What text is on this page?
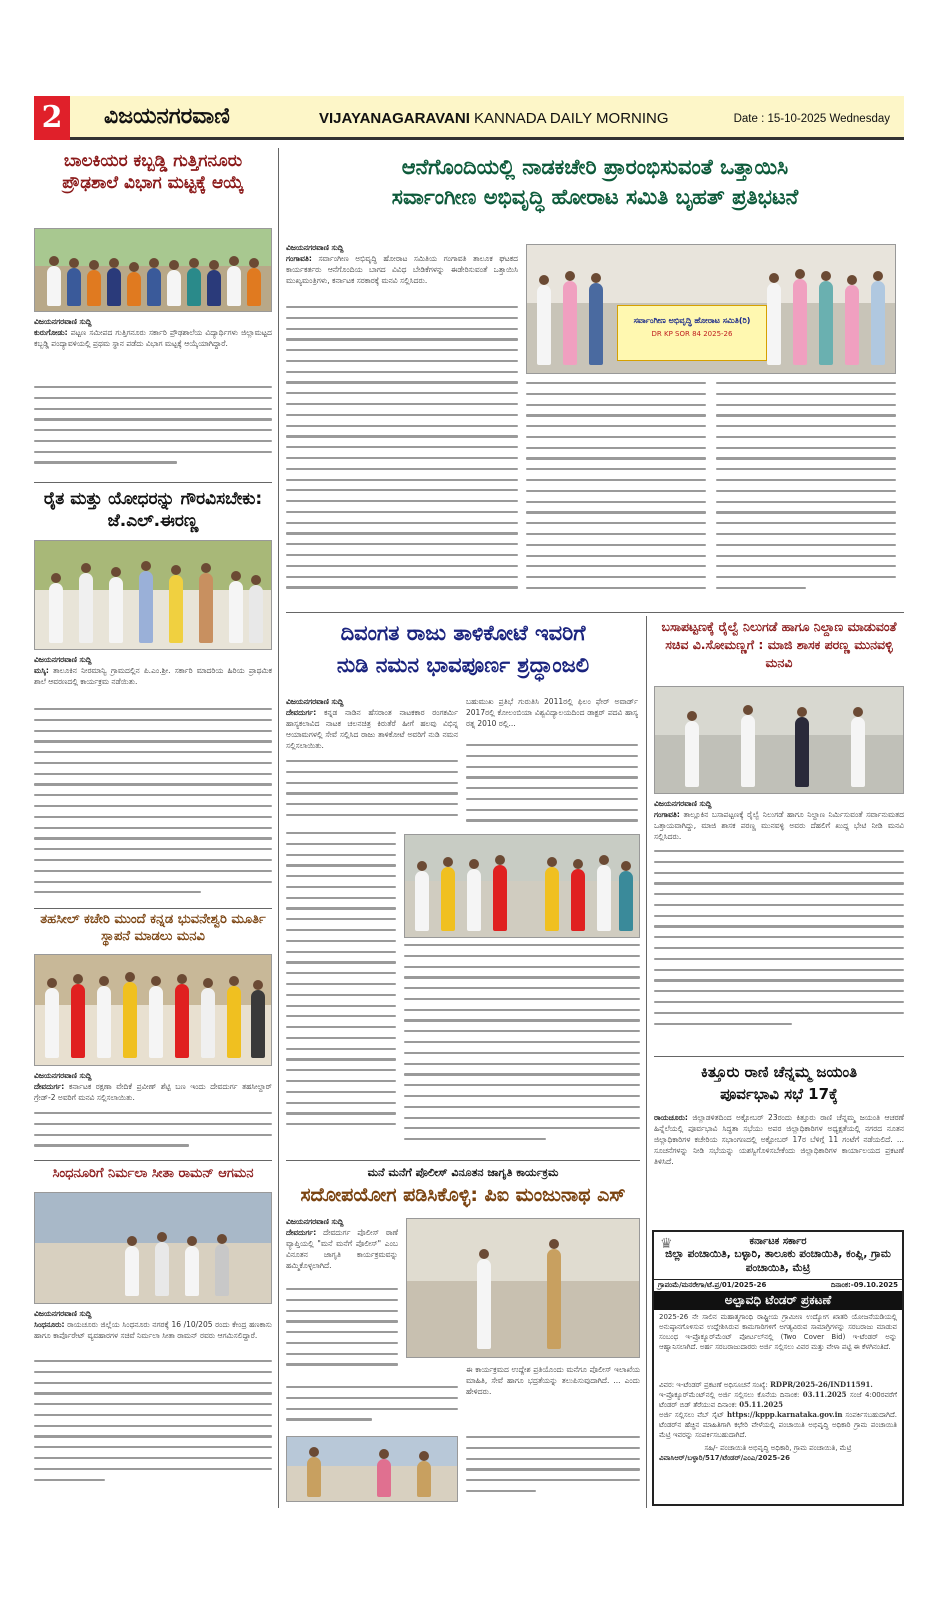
2	ವಿಜಯನಗರವಾಣಿ	VIJAYANAGARAVANI KANNADA DAILY MORNING	Date : 15-10-2025 Wednesday
ಬಾಲಕಿಯರ ಕಬ್ಬಡ್ಡಿ ಗುತ್ತಿಗನೂರು ಪ್ರೌಢಶಾಲೆ ವಿಭಾಗ ಮಟ್ಟಕ್ಕೆ ಆಯ್ಕೆ
ವಿಜಯನಗರವಾಣಿ ಸುದ್ದಿ
ಕುರುಗೋಡು: ಪಟ್ಟಣ ಸಮೀಪದ ಗುತ್ತಿಗನೂರು ಸರ್ಕಾರಿ ಪ್ರೌಢಶಾಲೆಯ ವಿದ್ಯಾರ್ಥಿಗಳು ಜಿಲ್ಲಾಮಟ್ಟದ ಕಬ್ಬಡ್ಡಿ ಪಂದ್ಯಾವಳಿಯಲ್ಲಿ ಪ್ರಥಮ ಸ್ಥಾನ ಪಡೆದು ವಿಭಾಗ ಮಟ್ಟಕ್ಕೆ ಆಯ್ಕೆಯಾಗಿದ್ದಾರೆ.
ರೈತ ಮತ್ತು ಯೋಧರನ್ನು ಗೌರವಿಸಬೇಕು: ಜೆ.ಎಲ್.ಈರಣ್ಣ
ವಿಜಯನಗರವಾಣಿ ಸುದ್ದಿ
ಮಸ್ಕಿ: ತಾಲೂಕಿನ ನೀರಮಾನ್ವಿ ಗ್ರಾಮದಲ್ಲಿನ ಪಿ.ಎಂ.ಶ್ರೀ. ಸರ್ಕಾರಿ ಮಾದರಿಯ ಹಿರಿಯ ಪ್ರಾಥಮಿಕ ಶಾಲೆ ಆವರಣದಲ್ಲಿ ಕಾರ್ಯಕ್ರಮ ನಡೆಯಿತು.
ತಹಸೀಲ್ ಕಚೇರಿ ಮುಂದೆ ಕನ್ನಡ ಭುವನೇಶ್ವರಿ ಮೂರ್ತಿ ಸ್ಥಾಪನೆ ಮಾಡಲು ಮನವಿ
ವಿಜಯನಗರವಾಣಿ ಸುದ್ದಿ
ದೇವದುರ್ಗ: ಕರ್ನಾಟಕ ರಕ್ಷಣಾ ವೇದಿಕೆ ಪ್ರವೀಣ್ ಶೆಟ್ಟಿ ಬಣ ಇಂದು ದೇವದುರ್ಗ ತಹಸೀಲ್ದಾರ್ ಗ್ರೇಡ್-2 ಅವರಿಗೆ ಮನವಿ ಸಲ್ಲಿಸಲಾಯಿತು.
ಸಿಂಧನೂರಿಗೆ ನಿರ್ಮಲಾ ಸೀತಾ ರಾಮನ್ ಆಗಮನ
ವಿಜಯನಗರವಾಣಿ ಸುದ್ದಿ
ಸಿಂಧನೂರು: ರಾಯಚೂರು ಜಿಲ್ಲೆಯ ಸಿಂಧನೂರು ನಗರಕ್ಕೆ 16 /10/205 ರಂದು ಕೇಂದ್ರ ಹಣಕಾಸು ಹಾಗೂ ಕಾರ್ಪೊರೇಟ್ ವ್ಯವಹಾರಗಳ ಸಚಿವೆ ನಿರ್ಮಲಾ ಸೀತಾ ರಾಮನ್ ರವರು ಆಗಮಿಸಲಿದ್ದಾರೆ.
ಆನೆಗೊಂದಿಯಲ್ಲಿ ನಾಡಕಚೇರಿ ಪ್ರಾರಂಭಿಸುವಂತೆ ಒತ್ತಾಯಿಸಿ
ಸರ್ವಾಂಗೀಣ ಅಭಿವೃದ್ಧಿ ಹೋರಾಟ ಸಮಿತಿ ಬೃಹತ್ ಪ್ರತಿಭಟನೆ
ವಿಜಯನಗರವಾಣಿ ಸುದ್ದಿ
ಗಂಗಾವತಿ: ಸರ್ವಾಂಗೀಣ ಅಭಿವೃದ್ಧಿ ಹೋರಾಟ ಸಮಿತಿಯ ಗಂಗಾವತಿ ತಾಲೂಕ ಘಟಕದ ಕಾರ್ಯಕರ್ತರು ಆನೆಗೊಂದಿಯ ಬಾಗದ ವಿವಿಧ ಬೇಡಿಕೆಗಳನ್ನು ಈಡೇರಿಸುವಂತೆ ಒತ್ತಾಯಿಸಿ ಮುಖ್ಯಮಂತ್ರಿಗಳು, ಕರ್ನಾಟಕ ಸರಕಾರಕ್ಕೆ ಮನವಿ ಸಲ್ಲಿಸಿದರು.
ಸರ್ವಾಂಗೀಣ ಅಭಿವೃದ್ಧಿ ಹೋರಾಟ ಸಮಿತಿ(ರಿ)
DR KP SOR 84 2025-26
ದಿವಂಗತ ರಾಜು ತಾಳಿಕೋಟೆ ಇವರಿಗೆ
ನುಡಿ ನಮನ ಭಾವಪೂರ್ಣ ಶ್ರದ್ಧಾಂಜಲಿ
ವಿಜಯನಗರವಾಣಿ ಸುದ್ದಿ
ದೇವದುರ್ಗ: ಕನ್ನಡ ನಾಡಿನ ಹೆಸರಾಂತ ನಾಟಕಕಾರ ರಂಗಕರ್ಮಿ ಹಾಸ್ಯಕಲಾವಿದ ನಾಟಕ ಚಲನಚಿತ್ರ ಕಿರುತೆರೆ ಹೀಗೆ ಹಲವು ವಿಭಿನ್ನ ಆಯಾಮಗಳಲ್ಲಿ ಸೇವೆ ಸಲ್ಲಿಸಿದ ರಾಜು ತಾಳಿಕೋಟೆ ಅವರಿಗೆ ನುಡಿ ನಮನ ಸಲ್ಲಿಸಲಾಯಿತು.
ಬಹುಮುಖ ಪ್ರತಿಭೆ ಗುರುತಿಸಿ 2011ರಲ್ಲಿ ಫಿಲಂ ಫೇರ್ ಅವಾರ್ಡ್ 2017ರಲ್ಲಿ ಕೋಲಂಬಿಯಾ ವಿಶ್ವವಿದ್ಯಾಲಯದಿಂದ ಡಾಕ್ಟರ್ ಪದವಿ ಹಾಸ್ಯ ರತ್ನ 2010 ರಲ್ಲಿ...
ಮನೆ ಮನೆಗೆ ಪೊಲೀಸ್ ವಿನೂತನ ಜಾಗೃತಿ ಕಾರ್ಯಕ್ರಮ
ಸದೋಪಯೋಗ ಪಡಿಸಿಕೊಳ್ಳಿ: ಪಿಐ ಮಂಜುನಾಥ ಎಸ್
ವಿಜಯನಗರವಾಣಿ ಸುದ್ದಿ
ದೇವದುರ್ಗ: ದೇವದುರ್ಗ ಪೊಲೀಸ್ ಠಾಣೆ ವ್ಯಾಪ್ತಿಯಲ್ಲಿ "ಮನೆ ಮನೆಗೆ ಪೊಲೀಸ್" ಎಂಬ ವಿನೂತನ ಜಾಗೃತಿ ಕಾರ್ಯಕ್ರಮವನ್ನು ಹಮ್ಮಿಕೊಳ್ಳಲಾಗಿದೆ.
ಈ ಕಾರ್ಯಕ್ರಮದ ಉದ್ದೇಶ ಪ್ರತಿಯೊಂದು ಮನೆಗೂ ಪೊಲೀಸ್ ಇಲಾಖೆಯ ಮಾಹಿತಿ, ಸೇವೆ ಹಾಗೂ ಭದ್ರತೆಯನ್ನು ತಲುಪಿಸುವುದಾಗಿದೆ. ... ಎಂದು ಹೇಳಿದರು.
ಬಸಾಪಟ್ಟಣಕ್ಕೆ ರೈಲ್ವೆ ನಿಲುಗಡೆ ಹಾಗೂ ನಿಲ್ದಾಣ ಮಾಡುವಂತೆ ಸಚಿವ ವಿ.ಸೋಮಣ್ಣಗೆ : ಮಾಜಿ ಶಾಸಕ ಪರಣ್ಣ ಮುನವಳ್ಳಿ ಮನವಿ
ವಿಜಯನಗರವಾಣಿ ಸುದ್ದಿ
ಗಂಗಾವತಿ: ತಾಲ್ಲೂಕಿನ ಬಸಾಪಟ್ಟಣಕ್ಕೆ ರೈಲ್ವೆ ನಿಲುಗಡೆ ಹಾಗೂ ನಿಲ್ದಾಣ ನಿರ್ಮಿಸುವಂತೆ ಸರ್ವಾನುಮತದ ಒತ್ತಾಯವಾಗಿದ್ದು, ಮಾಜಿ ಶಾಸಕ ಪರಣ್ಣ ಮುನವಳ್ಳಿ ಅವರು ದೆಹಲಿಗೆ ಖುದ್ದ ಭೇಟಿ ನೀಡಿ ಮನವಿ ಸಲ್ಲಿಸಿದರು.
ಕಿತ್ತೂರು ರಾಣಿ ಚೆನ್ನಮ್ಮ ಜಯಂತಿ
ಪೂರ್ವಭಾವಿ ಸಭೆ 17ಕ್ಕೆ
ರಾಯಚೂರು: ಜಿಲ್ಲಾಡಳಿತದಿಂದ ಅಕ್ಟೋಬರ್ 23ರಂದು ಕಿತ್ತೂರು ರಾಣಿ ಚೆನ್ನಮ್ಮ ಜಯಂತಿ ಆಚರಣೆ ಹಿನ್ನೆಲೆಯಲ್ಲಿ ಪೂರ್ವಭಾವಿ ಸಿದ್ಧತಾ ಸಭೆಯು ಅಪರ ಜಿಲ್ಲಾಧಿಕಾರಿಗಳ ಅಧ್ಯಕ್ಷತೆಯಲ್ಲಿ ನಗರದ ನೂತನ ಜಿಲ್ಲಾಧಿಕಾರಿಗಳ ಕಚೇರಿಯ ಸಭಾಂಗಣದಲ್ಲಿ ಅಕ್ಟೋಬರ್ 17ರ ಬೆಳಿಗ್ಗೆ 11 ಗಂಟೆಗೆ ನಡೆಯಲಿದೆ. ... ಸೂಚನೆಗಳನ್ನು ನೀಡಿ ಸಭೆಯನ್ನು ಯಶಸ್ವಿಗೊಳಿಸಬೇಕೆಂದು ಜಿಲ್ಲಾಧಿಕಾರಿಗಳ ಕಾರ್ಯಾಲಯದ ಪ್ರಕಟಣೆ ತಿಳಿಸಿದೆ.
♛	ಕರ್ನಾಟಕ ಸರ್ಕಾರ
ಜಿಲ್ಲಾ ಪಂಚಾಯಿತಿ, ಬಳ್ಳಾರಿ, ತಾಲೂಕು ಪಂಚಾಯಿತಿ, ಕಂಪ್ಲಿ, ಗ್ರಾಮ ಪಂಚಾಯಿತಿ, ಮೆಟ್ರಿ
ಗ್ರಾಪಂಮೆ/ಮನರೇಗಾ/ಟೆ.ಪ್ರ/01/2025-26	ದಿನಾಂಕ:-09.10.2025
ಅಲ್ಪಾವಧಿ ಟೆಂಡರ್ ಪ್ರಕಟಣೆ
2025-26 ನೇ ಸಾಲಿನ ಮಹಾತ್ಮಗಾಂಧಿ ರಾಷ್ಟ್ರೀಯ ಗ್ರಾಮೀಣ ಉದ್ಯೋಗ ಖಾತರಿ ಯೋಜನೆಯಡಿಯಲ್ಲಿ ಅನುಷ್ಠಾನಗೊಳಿಸುವ ಉದ್ದೇಶಿಸಿರುವ ಕಾಮಗಾರಿಗಳಿಗೆ ಅಗತ್ಯವಿರುವ ಸಾಮಾಗ್ರಿಗಳನ್ನು ಸರಬರಾಜು ಮಾಡುವ ಸಂಬಂಧ ಇ-ಪ್ರೊಕ್ಯೂರ್‌ಮೆಂಟ್ ಪೋರ್ಟಲ್‌ನಲ್ಲಿ (Two Cover Bid) ಇ-ಟೆಂಡರ್ ಅನ್ನು ಆಹ್ವಾನಿಸಲಾಗಿದೆ. ಅರ್ಹ ಸರಬರಾಜುದಾರರು ಅರ್ಜಿ ಸಲ್ಲಿಸಲು ವಿವರ ಮತ್ತು ವೇಳಾ ಪಟ್ಟಿ ಈ ಕೆಳಗಿನಂತಿದೆ.
ವಿವರ: ಇ-ಟೆಂಡರ್ ಪ್ರಕಟಣೆ ಅಧಿಸೂಚನೆ ಸಂಖ್ಯೆ: RDPR/2025-26/IND11591.
ಇ-ಪ್ರೊಕ್ಯೂರ್‌ಮೆಂಟ್‌ನಲ್ಲಿ ಅರ್ಜಿ ಸಲ್ಲಿಸಲು ಕೊನೆಯ ದಿನಾಂಕ: 03.11.2025 ಸಂಜೆ 4:00ರವರೆಗೆ ಟೆಂಡರ್ ಬಿಡ್ ತೆರೆಯುವ ದಿನಾಂಕ: 05.11.2025
ಅರ್ಜಿ ಸಲ್ಲಿಸಲು ವೆಬ್ ಸೈಟ್ https://kppp.karnataka.gov.in ಸಂಪರ್ಕಿಸಬಹುದಾಗಿದೆ. ಟೆಂಡರ್‌ನ ಹೆಚ್ಚಿನ ಮಾಹಿತಿಗಾಗಿ ಕಛೇರಿ ವೇಳೆಯಲ್ಲಿ ಪಂಚಾಯಿತಿ ಅಭಿವೃದ್ಧಿ ಅಧಿಕಾರಿ ಗ್ರಾಮ ಪಂಚಾಯಿತಿ ಮೆಟ್ರಿ ಇವರನ್ನು ಸಂಪರ್ಕಿಸಬಹುದಾಗಿದೆ.
ಸಹಿ/- ಪಂಚಾಯಿತಿ ಅಭಿವೃದ್ಧಿ ಅಧಿಕಾರಿ, ಗ್ರಾಮ ಪಂಚಾಯಿತಿ, ಮೆಟ್ರಿ
ವಿವಾಸಿಆರ್/ಬಳ್ಳಾರಿ/517/ಟೆಂಡರ್/ಎಂಎ/2025-26
